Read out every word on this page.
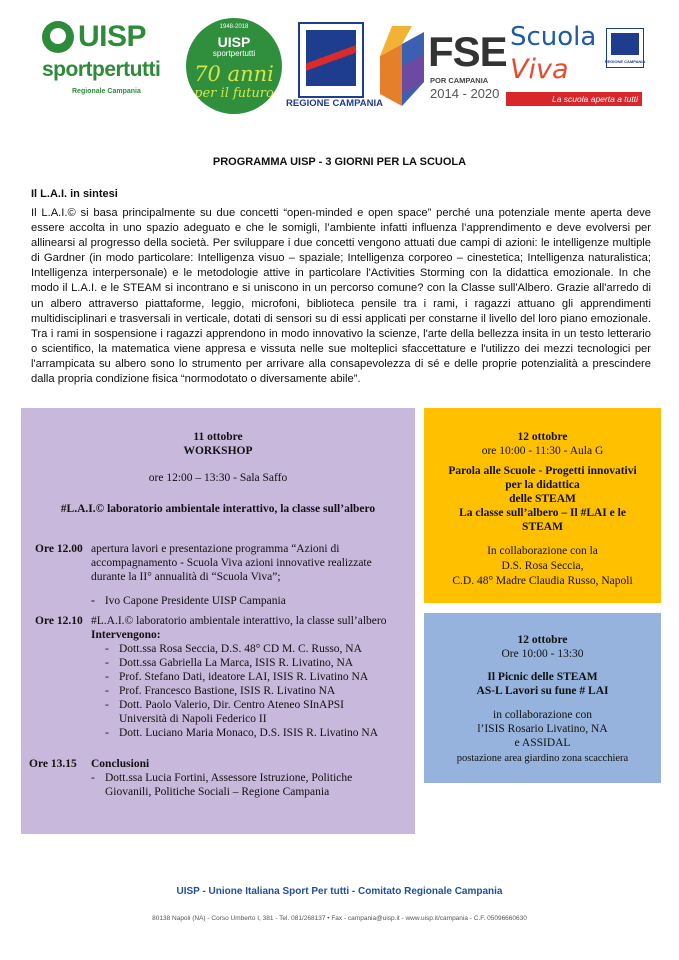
UISP
sportpertutti
Regionale Campania
1948-2018
UISP
sportpertutti
70 anni
per il futuro
REGIONE CAMPANIA
FSE
POR CAMPANIA
2014 - 2020
Scuola
Viva	REGIONE CAMPANIA
La scuola aperta a tutti
PROGRAMMA UISP - 3 GIORNI PER LA SCUOLA
Il L.A.I. in sintesi

Il L.A.I.© si basa principalmente su due concetti “open-minded e open space” perché una potenziale mente aperta deve essere accolta in uno spazio adeguato e che le somigli, l’ambiente infatti influenza l’apprendimento e deve evolversi per allinearsi al progresso della società. Per sviluppare i due concetti vengono attuati due campi di azioni: le intelligenze multiple di Gardner (in modo particolare: Intelligenza visuo – spaziale; Intelligenza corporeo – cinestetica; Intelligenza naturalistica; Intelligenza interpersonale) e le metodologie attive in particolare l'Activities Storming con la didattica emozionale. In che modo il L.A.I. e le STEAM si incontrano e si uniscono in un percorso comune? con la Classe sull'Albero. Grazie all'arredo di un albero attraverso piattaforme, leggio, microfoni, biblioteca pensile tra i rami, i ragazzi attuano gli apprendimenti multidisciplinari e trasversali in verticale, dotati di sensori su di essi applicati per constarne il livello del loro piano emozionale. Tra i rami in sospensione i ragazzi apprendono in modo innovativo la scienze, l'arte della bellezza insita in un testo letterario o scientifico, la matematica viene appresa e vissuta nelle sue molteplici sfaccettature e l'utilizzo dei mezzi tecnologici per l'arrampicata su albero sono lo strumento per arrivare alla consapevolezza di sé e delle proprie potenzialità a prescindere dalla propria condizione fisica “normodotato o diversamente abile”.

11 ottobre
WORKSHOP
ore 12:00 – 13:30 - Sala Saffo
#L.A.I.© laboratorio ambientale interattivo, la classe sull’albero
Ore 12.00 apertura lavori e presentazione programma “Azioni di
accompagnamento - Scuola Viva azioni innovative realizzate
durante la II° annualità di “Scuola Viva”;
- Ivo Capone Presidente UISP Campania
Ore 12.10 #L.A.I.© laboratorio ambientale interattivo, la classe sull’albero
Intervengono:
- Dott.ssa Rosa Seccia, D.S. 48° CD M. C. Russo, NA
- Dott.ssa Gabriella La Marca, ISIS R. Livatino, NA
- Prof. Stefano Dati, ideatore LAI, ISIS R. Livatino NA
- Prof. Francesco Bastione, ISIS R. Livatino NA
- Dott. Paolo Valerio, Dir. Centro Ateneo SInAPSI
Università di Napoli Federico II
- Dott. Luciano Maria Monaco, D.S. ISIS R. Livatino NA
Ore 13.15 Conclusioni
- Dott.ssa Lucia Fortini, Assessore Istruzione, Politiche
Giovanili, Politiche Sociali – Regione Campania
12 ottobre
ore 10:00 - 11:30 - Aula G
Parola alle Scuole - Progetti innovativi
per la didattica
delle STEAM
La classe sull’albero – Il #LAI e le
STEAM
In collaborazione con la
D.S. Rosa Seccia,
C.D. 48° Madre Claudia Russo, Napoli
12 ottobre
Ore 10:00 - 13:30
Il Picnic delle STEAM
AS-L Lavori su fune # LAI
in collaborazione con
l’ISIS Rosario Livatino, NA
e ASSIDAL
postazione area giardino zona scacchiera
UISP - Unione Italiana Sport Per tutti - Comitato Regionale Campania
80138 Napoli (NA) - Corso Umberto I, 381 - Tel. 081/268137 • Fax - campania@uisp.it - www.uisp.it/campania - C.F. 05096660630
